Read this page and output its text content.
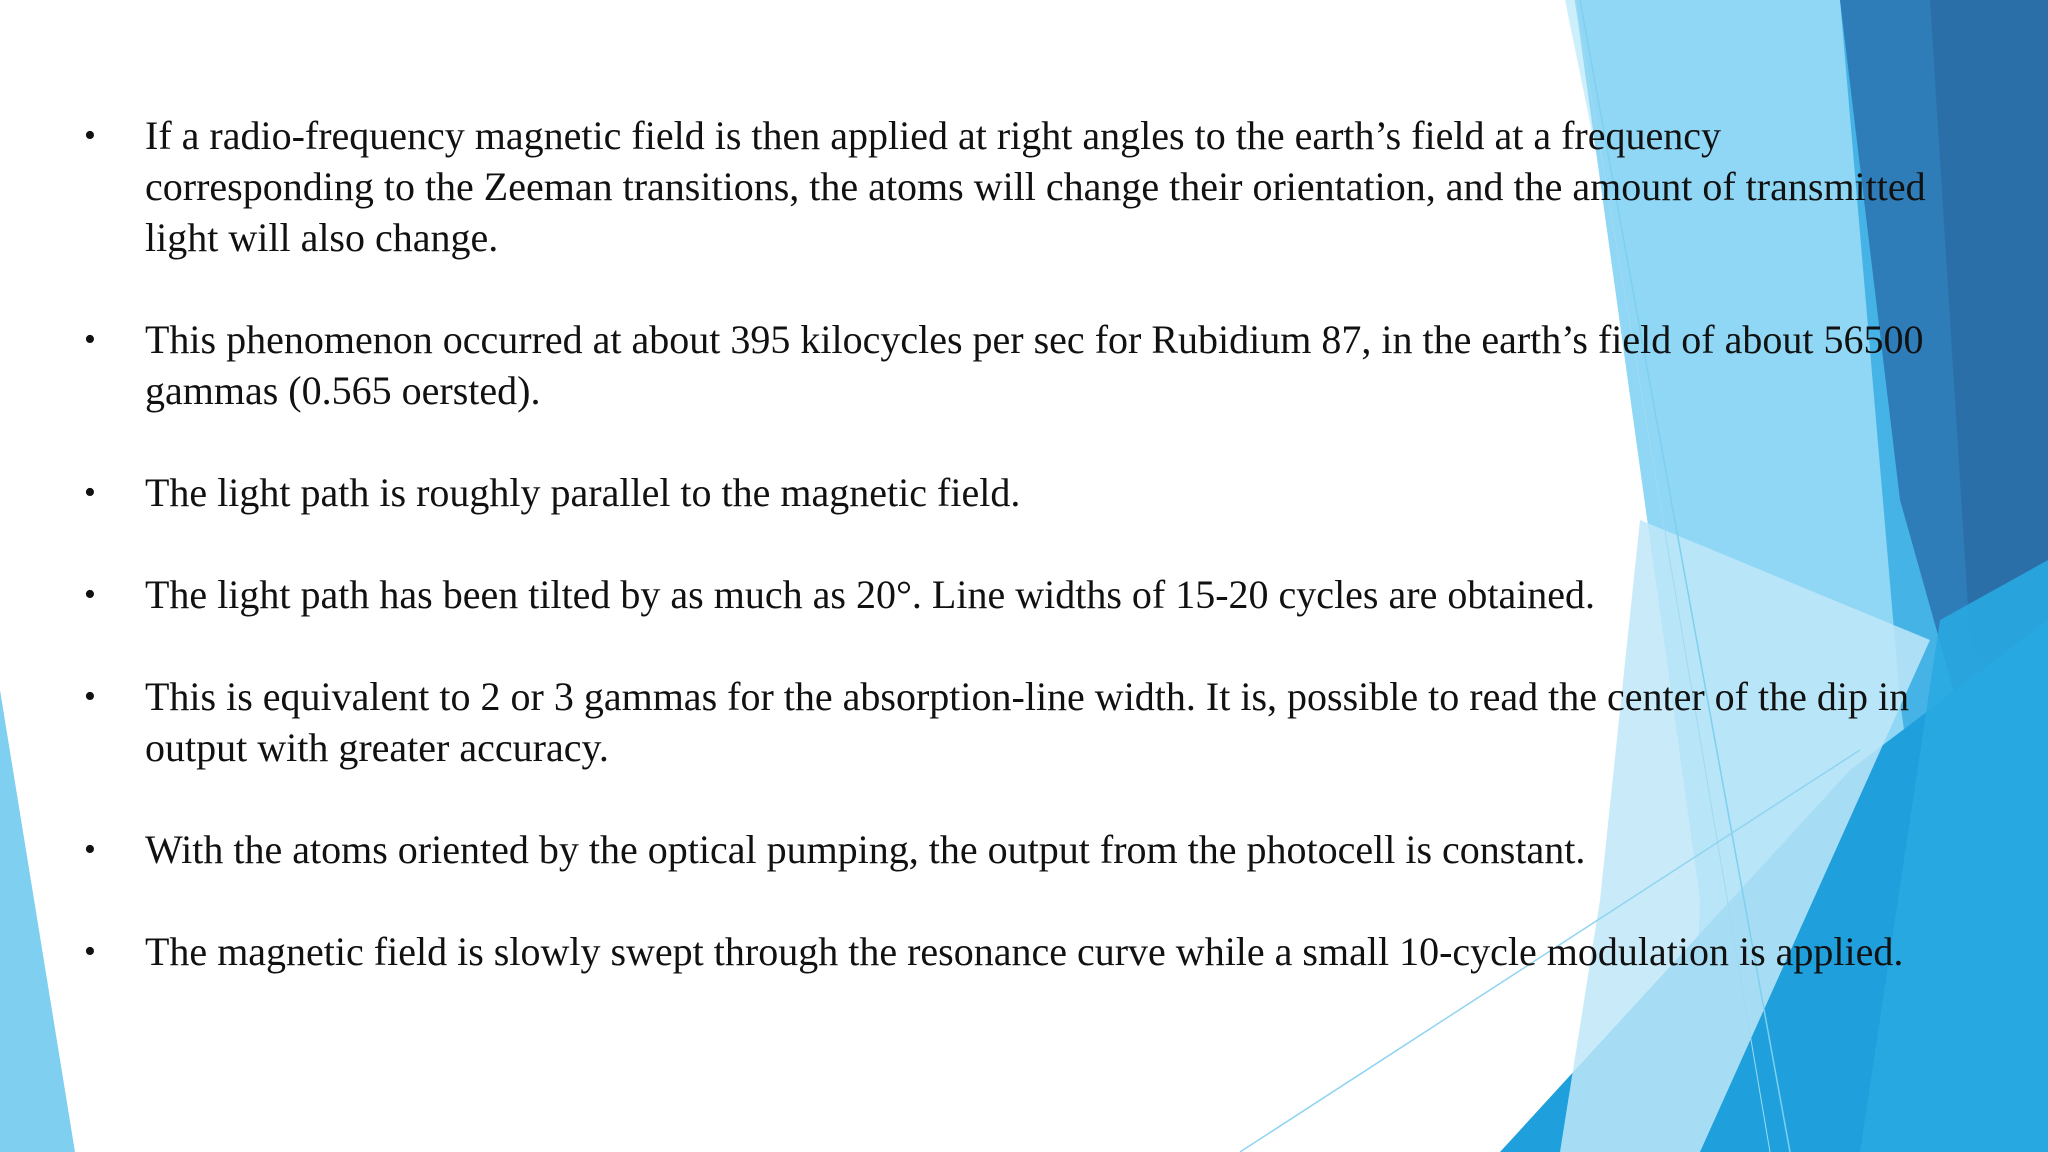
• If a radio-frequency magnetic field is then applied at right angles to the earth’s field at a frequency corresponding to the Zeeman transitions, the atoms will change their orientation, and the amount of transmitted light will also change.
• This phenomenon occurred at about 395 kilocycles per sec for Rubidium 87, in the earth’s field of about 56500 gammas (0.565 oersted).
• The light path is roughly parallel to the magnetic field.
• The light path has been tilted by as much as 20°. Line widths of 15-20 cycles are obtained.
• This is equivalent to 2 or 3 gammas for the absorption-line width. It is, possible to read the center of the dip in output with greater accuracy.
• With the atoms oriented by the optical pumping, the output from the photocell is constant.
• The magnetic field is slowly swept through the resonance curve while a small 10-cycle modulation is applied.
